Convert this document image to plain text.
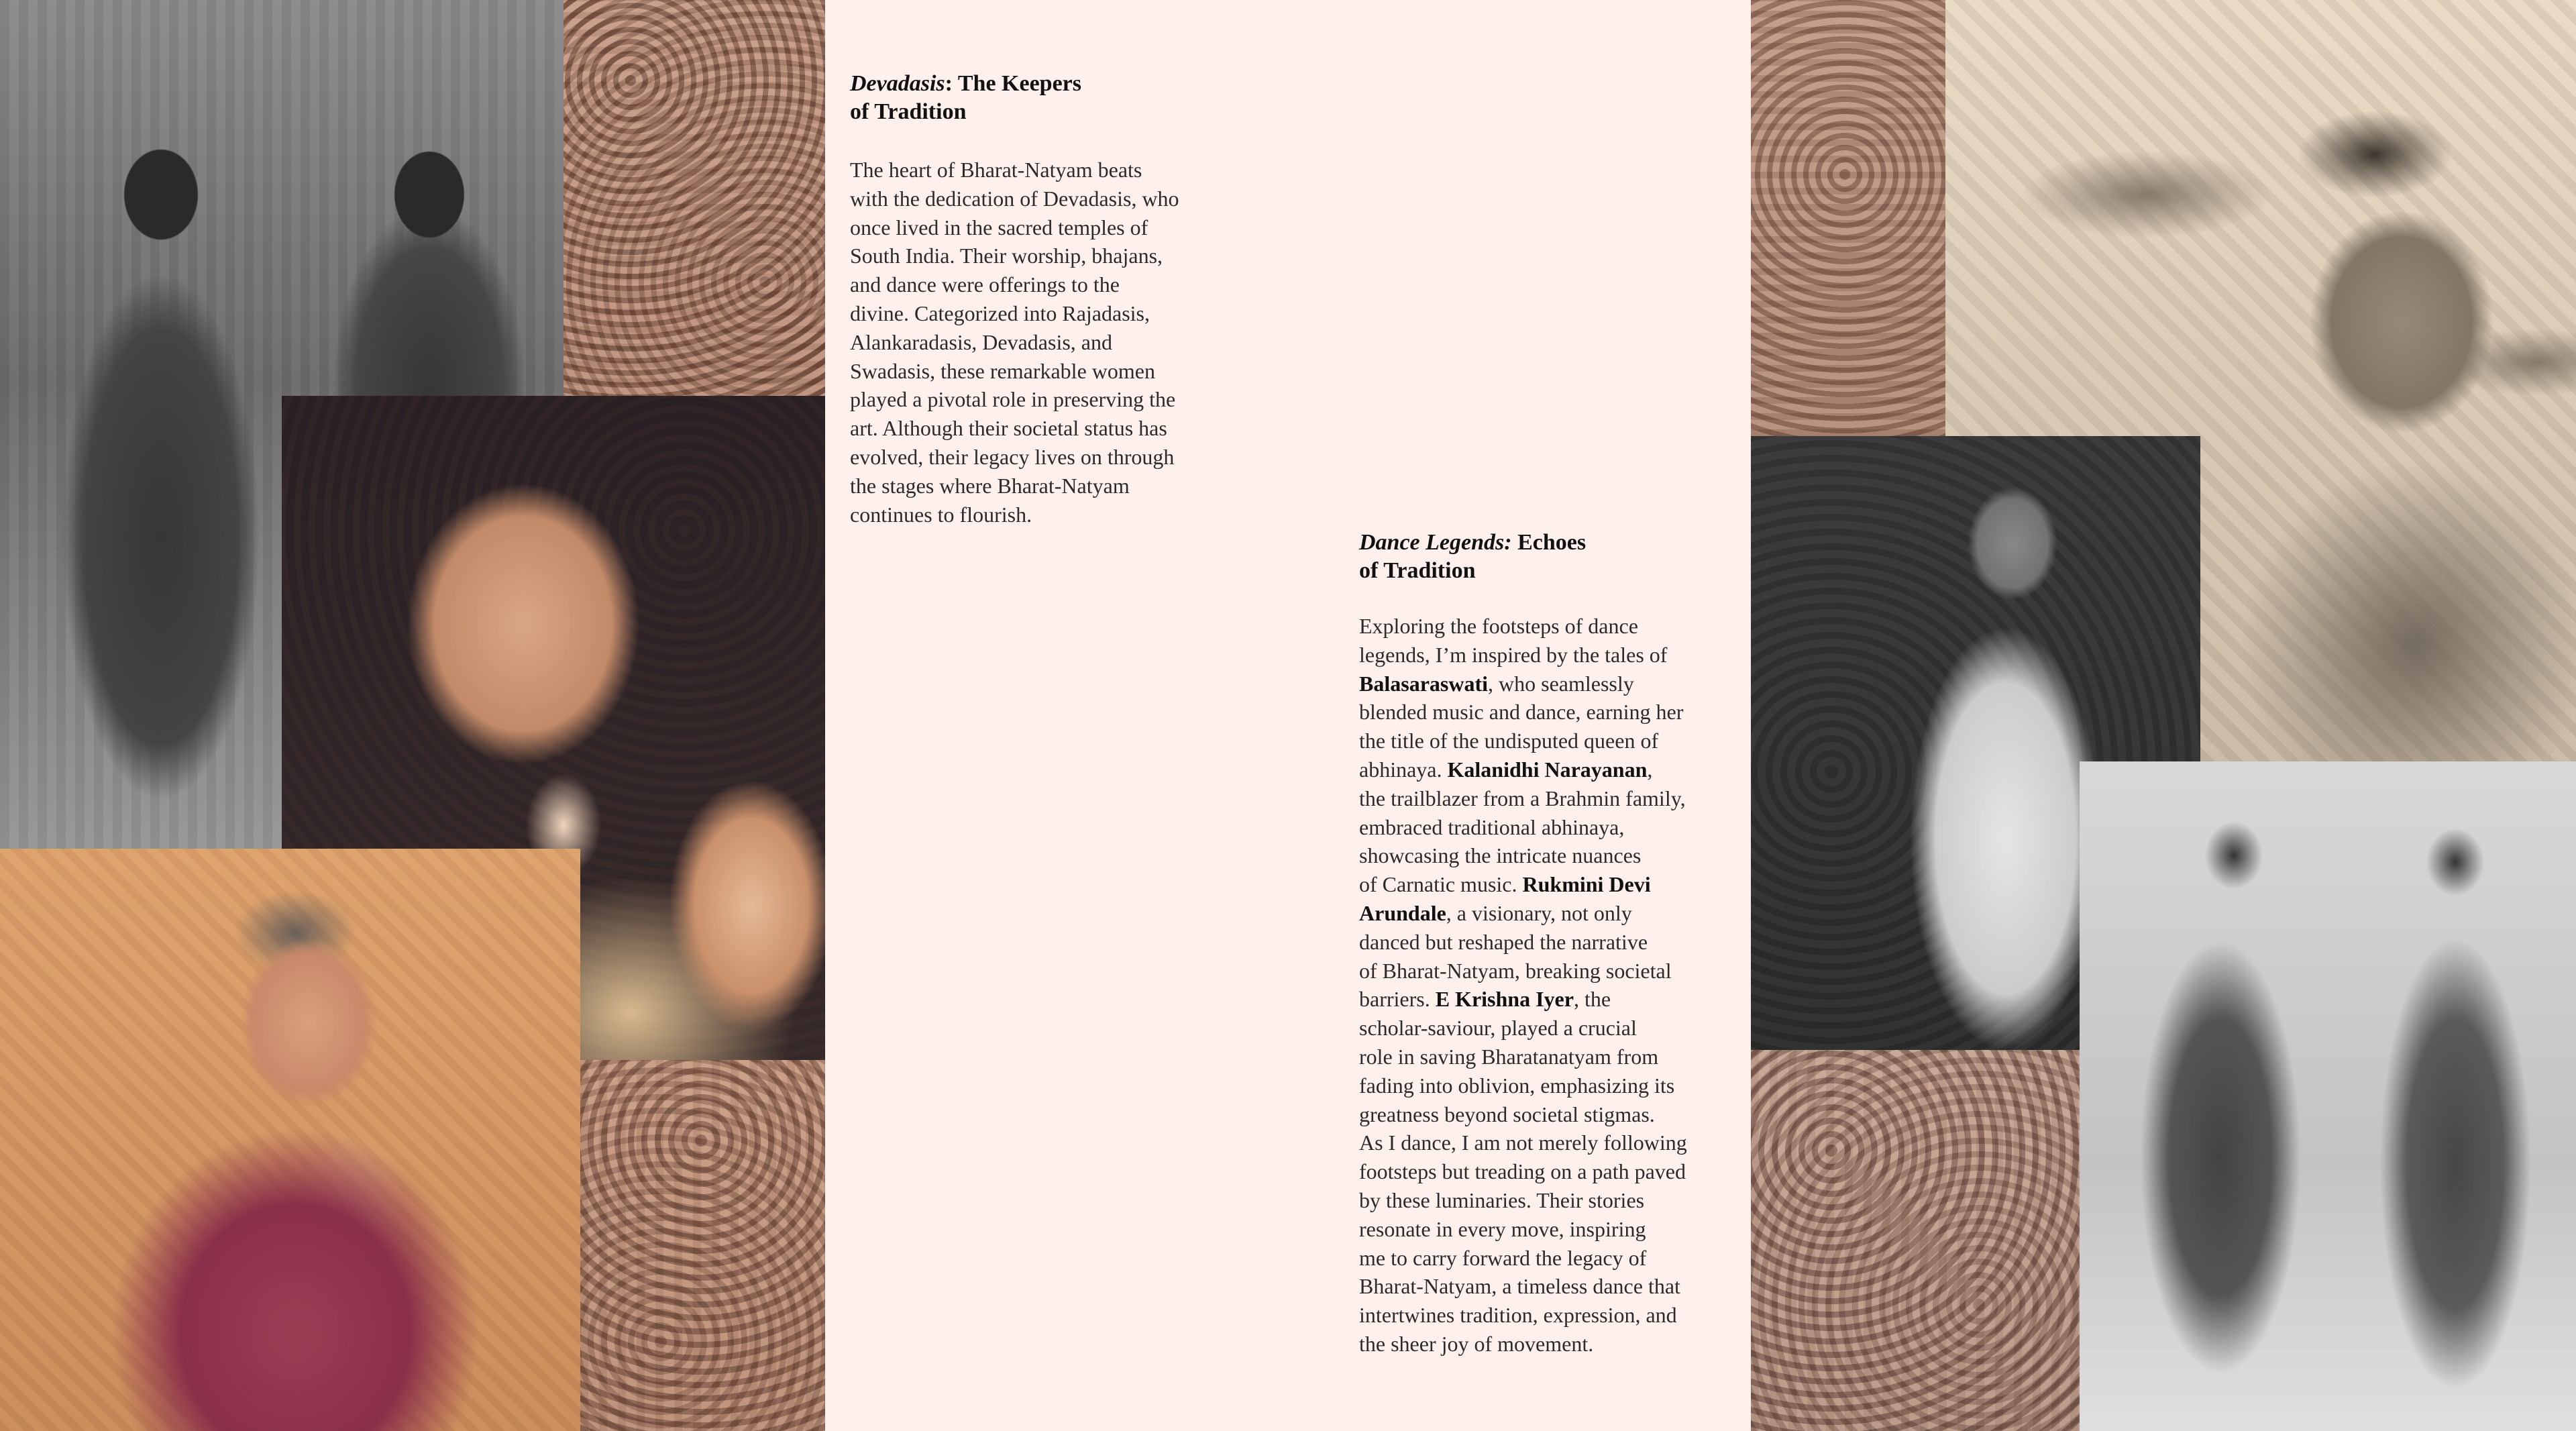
Devadasis: The Keepers
of Tradition
The heart of Bharat-Natyam beats
with the dedication of Devadasis, who
once lived in the sacred temples of
South India. Their worship, bhajans,
and dance were offerings to the
divine. Categorized into Rajadasis,
Alankaradasis, Devadasis, and
Swadasis, these remarkable women
played a pivotal role in preserving the
art. Although their societal status has
evolved, their legacy lives on through
the stages where Bharat-Natyam
continues to flourish.
Dance Legends: Echoes
of Tradition
Exploring the footsteps of dance
legends, I’m inspired by the tales of
Balasaraswati, who seamlessly
blended music and dance, earning her
the title of the undisputed queen of
abhinaya. Kalanidhi Narayanan,
the trailblazer from a Brahmin family,
embraced traditional abhinaya,
showcasing the intricate nuances
of Carnatic music. Rukmini Devi
Arundale, a visionary, not only
danced but reshaped the narrative
of Bharat-Natyam, breaking societal
barriers. E Krishna Iyer, the
scholar-saviour, played a crucial
role in saving Bharatanatyam from
fading into oblivion, emphasizing its
greatness beyond societal stigmas.
As I dance, I am not merely following
footsteps but treading on a path paved
by these luminaries. Their stories
resonate in every move, inspiring
me to carry forward the legacy of
Bharat-Natyam, a timeless dance that
intertwines tradition, expression, and
the sheer joy of movement.
